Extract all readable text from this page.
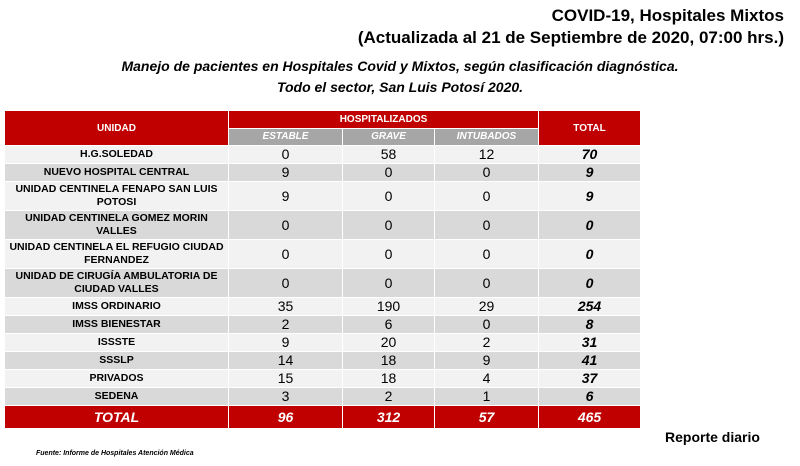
COVID-19, Hospitales Mixtos
(Actualizada al 21 de Septiembre de 2020, 07:00 hrs.)
Manejo de pacientes en Hospitales Covid y Mixtos, según clasificación diagnóstica.
Todo el sector, San Luis Potosí 2020.
UNIDAD	HOSPITALIZADOS			TOTAL
	ESTABLE	GRAVE	INTUBADOS	
H.G.SOLEDAD	0	58	12	70
NUEVO HOSPITAL CENTRAL	9	0	0	9
UNIDAD CENTINELA FENAPO SAN LUIS POTOSI	9	0	0	9
UNIDAD CENTINELA GOMEZ MORIN VALLES	0	0	0	0
UNIDAD CENTINELA EL REFUGIO CIUDAD FERNANDEZ	0	0	0	0
UNIDAD DE CIRUGÍA AMBULATORIA DE CIUDAD VALLES	0	0	0	0
IMSS ORDINARIO	35	190	29	254
IMSS BIENESTAR	2	6	0	8
ISSSTE	9	20	2	31
SSSLP	14	18	9	41
PRIVADOS	15	18	4	37
SEDENA	3	2	1	6
TOTAL	96	312	57	465
Reporte diario
Fuente: Informe de Hospitales Atención Médica
